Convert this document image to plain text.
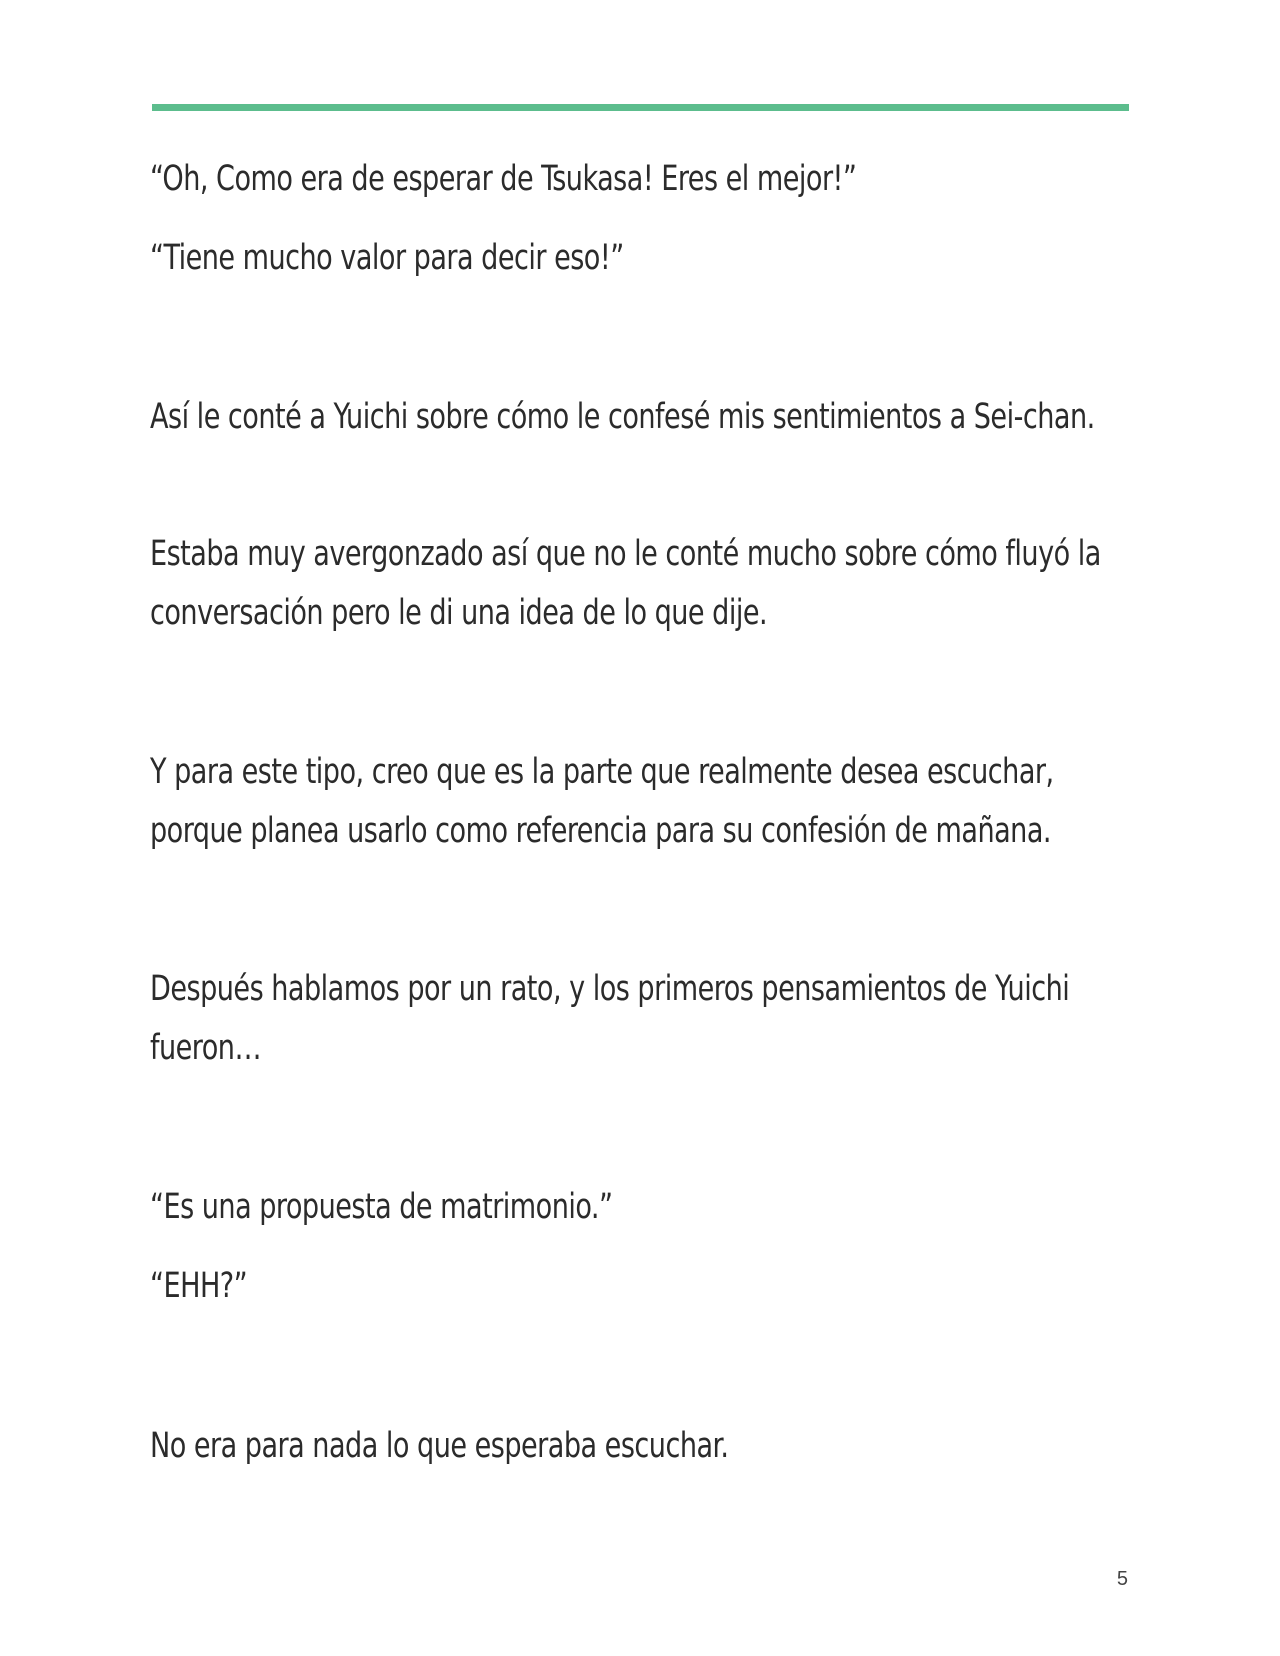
“Oh, Como era de esperar de Tsukasa! Eres el mejor!”

“Tiene mucho valor para decir eso!”

Así le conté a Yuichi sobre cómo le confesé mis sentimientos a Sei-chan.

Estaba muy avergonzado así que no le conté mucho sobre cómo fluyó la conversación pero le di una idea de lo que dije.

Y para este tipo, creo que es la parte que realmente desea escuchar, porque planea usarlo como referencia para su confesión de mañana.

Después hablamos por un rato, y los primeros pensamientos de Yuichi fueron…

“Es una propuesta de matrimonio.”

“EHH?”

No era para nada lo que esperaba escuchar.

5
